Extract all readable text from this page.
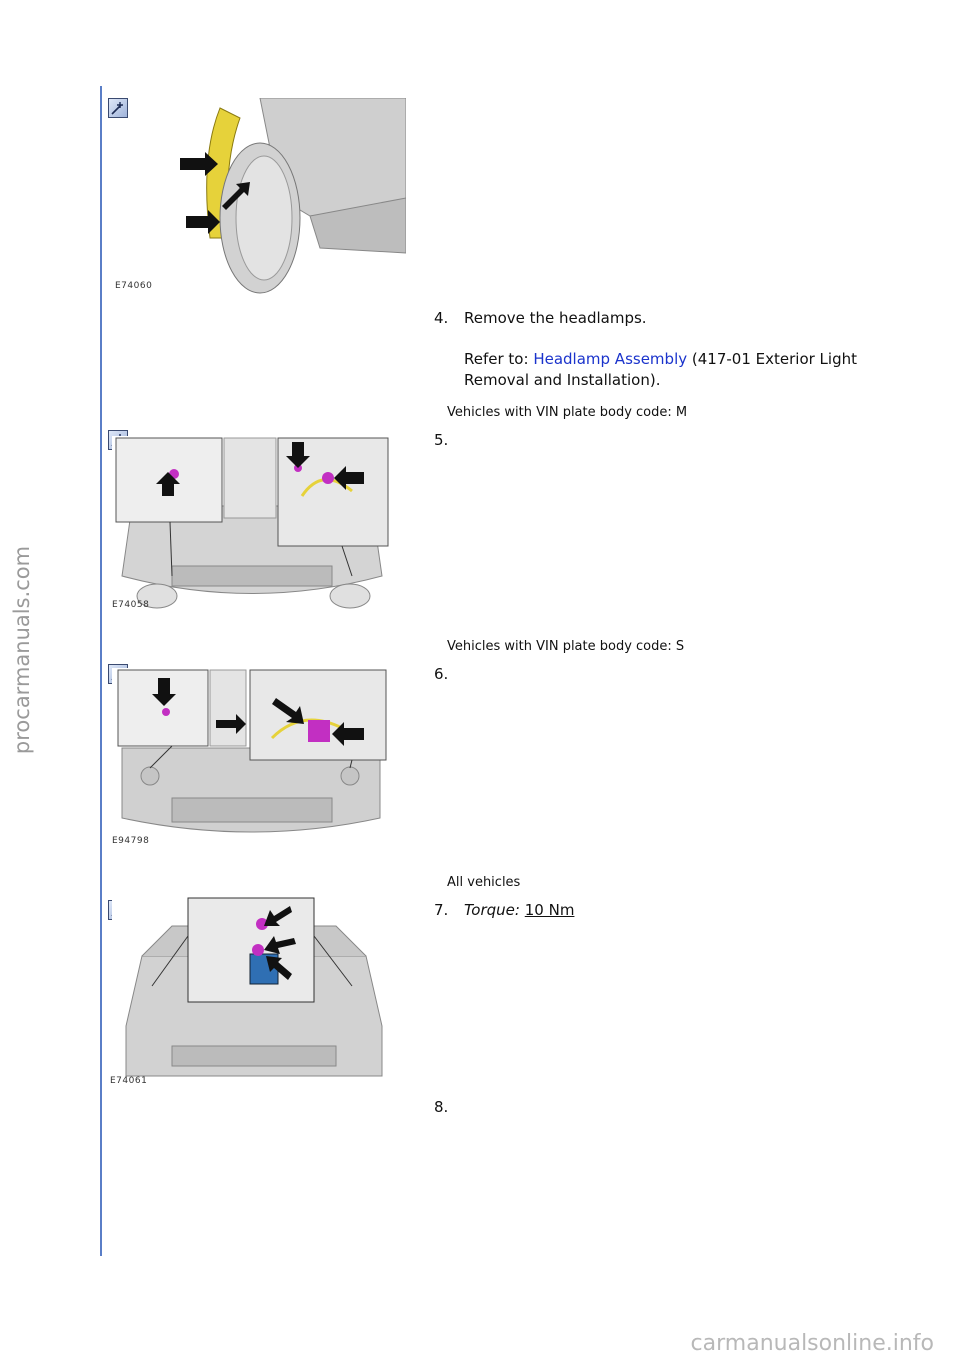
procarmanuals.com
E74060
4. Remove the headlamps.
Refer to: Headlamp Assembly (417-01 Exterior Light
Removal and Installation).
Vehicles with VIN plate body code: M
E74058
5.
Vehicles with VIN plate body code: S
E94798
6.
All vehicles
E74061
7. Torque: 10 Nm
8.
carmanualsonline.info
